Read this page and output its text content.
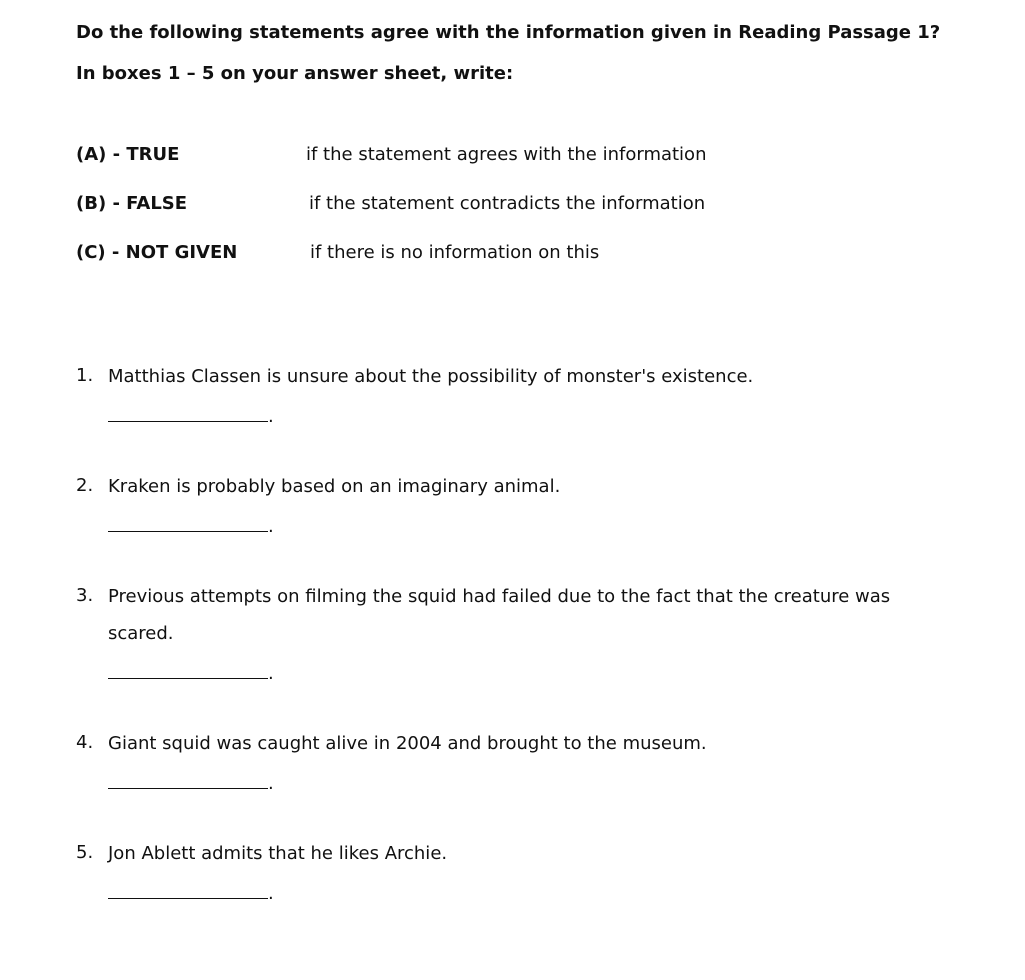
Do the following statements agree with the information given in Reading Passage 1?
In boxes 1 – 5 on your answer sheet, write:
(A) - TRUE	if the statement agrees with the information
(B) - FALSE	if the statement contradicts the information
(C) - NOT GIVEN	if there is no information on this
1. Matthias Classen is unsure about the possibility of monster's existence.
.
2. Kraken is probably based on an imaginary animal.
.
3. Previous attempts on filming the squid had failed due to the fact that the creature was scared.
.
4. Giant squid was caught alive in 2004 and brought to the museum.
.
5. Jon Ablett admits that he likes Archie.
.
